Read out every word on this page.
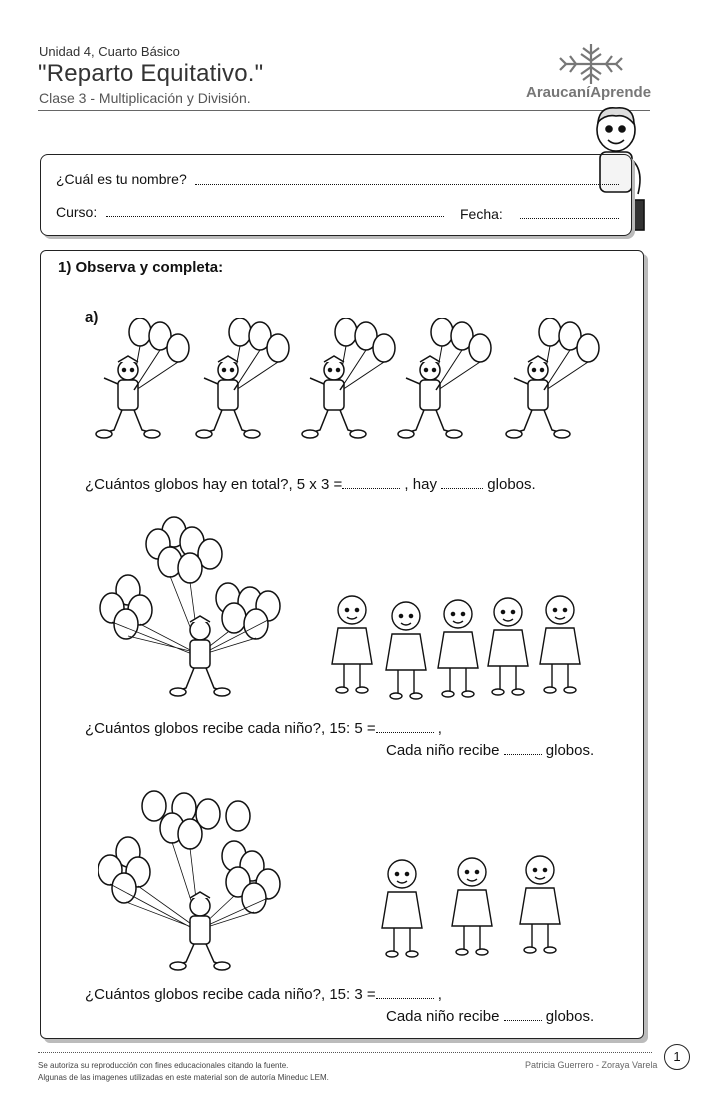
Unidad 4, Cuarto Básico
"Reparto Equitativo."
Clase 3 - Multiplicación y División.	AraucaníAprende
¿Cuál es tu nombre?
Curso:	Fecha:
1) Observa y completa:
a)
¿Cuántos globos hay en total?, 5 x 3 =	, hay	globos.
¿Cuántos globos recibe cada niño?, 15: 5 =	,
Cada niño recibe	globos.
¿Cuántos globos recibe cada niño?, 15: 3 =	,
Cada niño recibe	globos.
Se autoriza su reproducción con fines educacionales citando la fuente.
Algunas de las imagenes utilizadas en este material son de autoría Mineduc LEM.
Patricia Guerrero - Zoraya Varela
1
